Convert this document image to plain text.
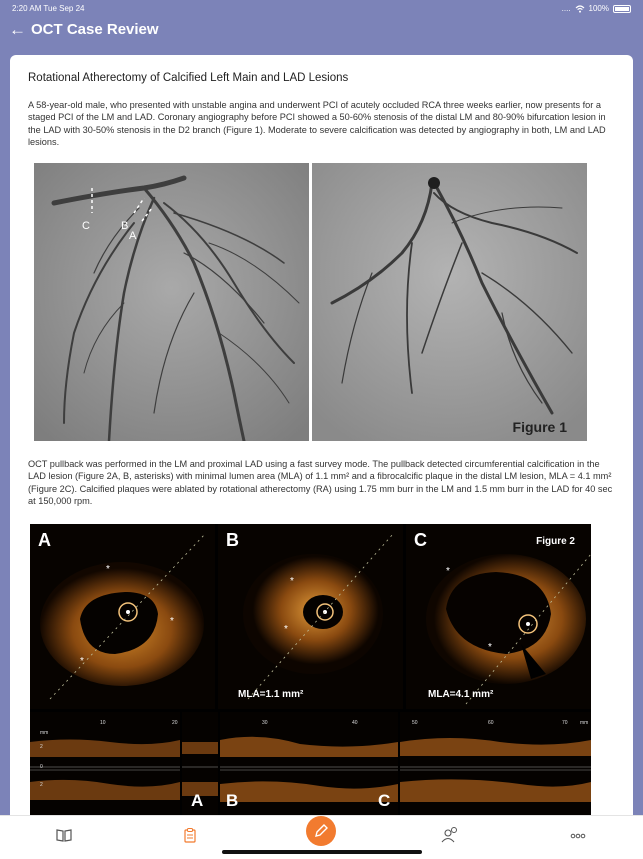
2:20 AM Tue Sep 24	.... 100%
← OCT Case Review
Rotational Atherectomy of Calcified Left Main and LAD Lesions

A 58-year-old male, who presented with unstable angina and underwent PCI of acutely occluded RCA three weeks earlier, now presents for a staged PCI of the LM and LAD. Coronary angiography before PCI showed a 50-60% stenosis of the distal LM and 80-90% bifurcation lesion in the LAD with 30-50% stenosis in the D2 branch (Figure 1). Moderate to severe calcification was detected by angiography in both, LM and LAD lesions.

C	B
A
Figure 1

OCT pullback was performed in the LM and proximal LAD using a fast survey mode. The pullback detected circumferential calcification in the LAD lesion (Figure 2A, B, asterisks) with minimal lumen area (MLA) of 1.1 mm² and a fibrocalcific plaque in the distal LM lesion, MLA = 4.1 mm² (Figure 2C). Calcified plaques were ablated by rotational atherectomy (RA) using 1.75 mm burr in the LM and 1.5 mm burr in the LAD for 40 sec at 150,000 rpm.

A
*
*
*
B
*
*
MLA=1.1 mm²
C	Figure 2
*
*
MLA=4.1 mm²
10	20
mm
2
0
2
A
30	40
B	C
50	60	70 mm
